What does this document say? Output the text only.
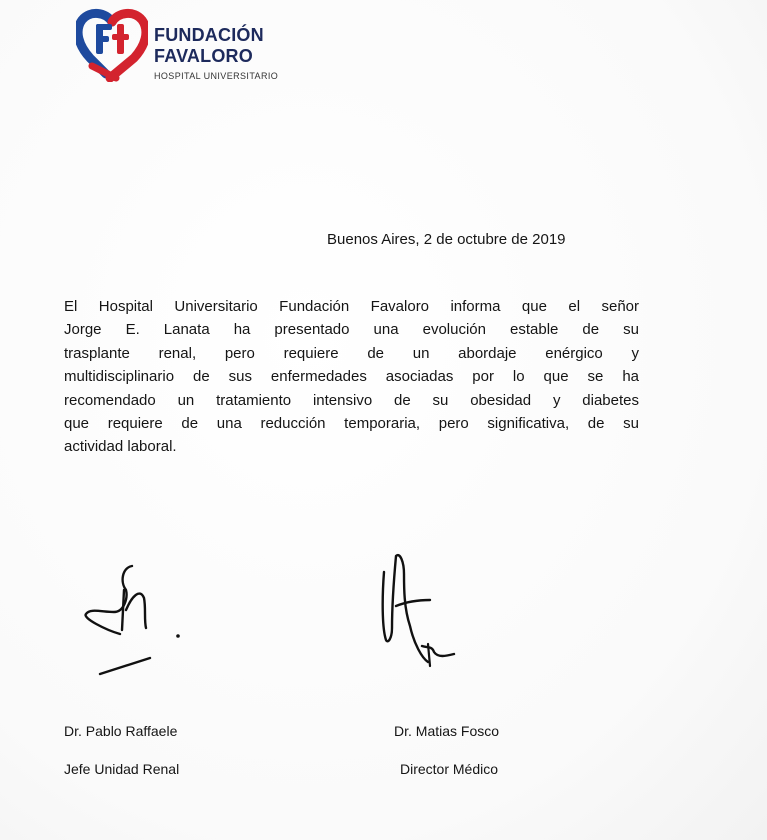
FUNDACIÓN
FAVALORO
HOSPITAL UNIVERSITARIO
Buenos Aires, 2 de octubre de 2019
El Hospital Universitario Fundación Favaloro informa que el señor
Jorge E. Lanata ha presentado una evolución estable de su
trasplante renal, pero requiere de un abordaje enérgico y
multidisciplinario de sus enfermedades asociadas por lo que se ha
recomendado un tratamiento intensivo de su obesidad y diabetes
que requiere de una reducción temporaria, pero significativa, de su
actividad laboral.
Dr. Pablo Raffaele
Jefe Unidad Renal
Dr. Matias Fosco
Director Médico
